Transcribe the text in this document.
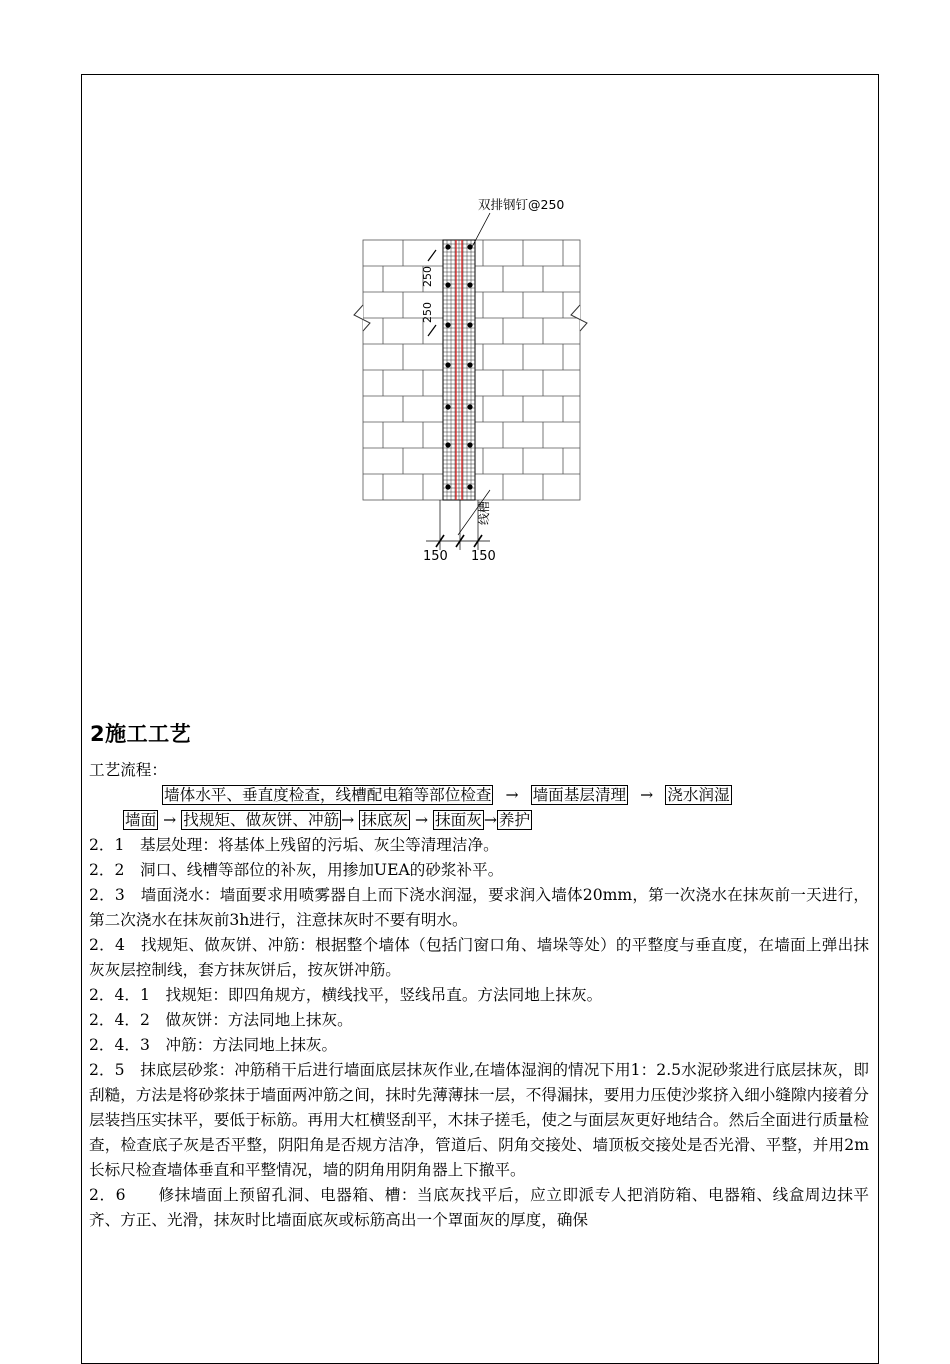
双排钢钉@250
250
250
线槽
150 150
2施工工艺

工艺流程：

墙体水平、垂直度检查，线槽配电箱等部位检查 → 墙面基层清理 → 浇水润湿

墙面 → 找规矩、做灰饼、冲筋 → 抹底灰 → 抹面灰 → 养护

2．1　基层处理：将基体上残留的污垢、灰尘等清理洁净。

2．2　洞口、线槽等部位的补灰，用掺加UEA的砂浆补平。

2．3　墙面浇水：墙面要求用喷雾器自上而下浇水润湿，要求润入墙体20mm，第一次浇水在抹灰前一天进行，第二次浇水在抹灰前3h进行，注意抹灰时不要有明水。

2．4　找规矩、做灰饼、冲筋：根据整个墙体（包括门窗口角、墙垛等处）的平整度与垂直度，在墙面上弹出抹灰灰层控制线，套方抹灰饼后，按灰饼冲筋。

2．4．1　找规矩：即四角规方，横线找平，竖线吊直。方法同地上抹灰。

2．4．2　做灰饼：方法同地上抹灰。

2．4．3　冲筋：方法同地上抹灰。

2．5　抹底层砂浆：冲筋稍干后进行墙面底层抹灰作业,在墙体湿润的情况下用1：2.5水泥砂浆进行底层抹灰，即刮糙，方法是将砂浆抹于墙面两冲筋之间，抹时先薄薄抹一层，不得漏抹，要用力压使沙浆挤入细小缝隙内接着分层装挡压实抹平，要低于标筋。再用大杠横竖刮平，木抹子搓毛，使之与面层灰更好地结合。然后全面进行质量检查，检查底子灰是否平整，阴阳角是否规方洁净，管道后、阴角交接处、墙顶板交接处是否光滑、平整，并用2m长标尺检查墙体垂直和平整情况，墙的阴角用阴角器上下撤平。

2．6　　修抹墙面上预留孔洞、电器箱、槽：当底灰找平后，应立即派专人把消防箱、电器箱、线盒周边抹平齐、方正、光滑，抹灰时比墙面底灰或标筋高出一个罩面灰的厚度，确保
